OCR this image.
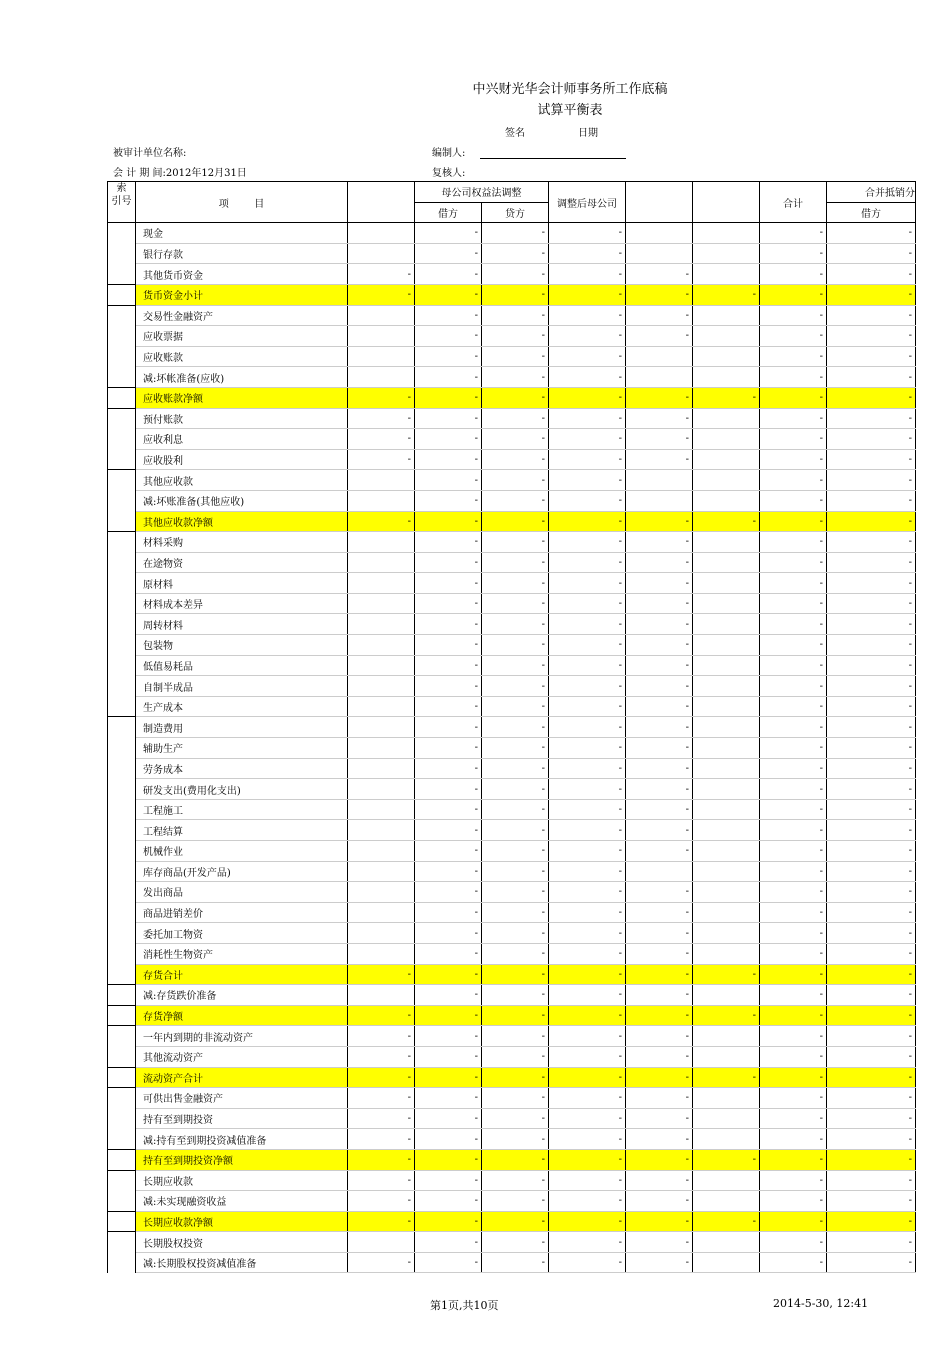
中兴财光华会计师事务所工作底稿
试算平衡表
签名	日期
被审计单位名称:	编制人:
会 计 期 间:2012年12月31日	复核人:
索
引号	项        目		母公司权益法调整		调整后母公司			合计	合并抵销分
			借方	贷方					借方
	现金		-	-	-			-	-
	银行存款		-	-	-			-	-
	其他货币资金	-	-	-	-	-		-	-
	货币资金小计	-	-	-	-	-	-	-	-
	交易性金融资产		-	-	-	-		-	-
	应收票据		-	-	-	-		-	-
	应收账款		-	-	-			-	-
	减:坏帐准备(应收)		-	-	-			-	-
	应收账款净额	-	-	-	-	-	-	-	-
	预付账款	-	-	-	-	-		-	-
	应收利息	-	-	-	-	-		-	-
	应收股利	-	-	-	-	-		-	-
	其他应收款		-	-	-			-	-
	减:坏账准备(其他应收)		-	-	-			-	-
	其他应收款净额	-	-	-	-	-	-	-	-
	材料采购		-	-	-	-		-	-
	在途物资		-	-	-	-		-	-
	原材料		-	-	-	-		-	-
	材料成本差异		-	-	-	-		-	-
	周转材料		-	-	-	-		-	-
	包装物		-	-	-	-		-	-
	低值易耗品		-	-	-	-		-	-
	自制半成品		-	-	-	-		-	-
	生产成本		-	-	-	-		-	-
	制造费用		-	-	-	-		-	-
	辅助生产		-	-	-	-		-	-
	劳务成本		-	-	-	-		-	-
	研发支出(费用化支出)		-	-	-	-		-	-
	工程施工		-	-	-	-		-	-
	工程结算		-	-	-	-		-	-
	机械作业		-	-	-	-		-	-
	库存商品(开发产品)		-	-	-			-	-
	发出商品		-	-	-	-		-	-
	商品进销差价		-	-	-	-		-	-
	委托加工物资		-	-	-	-		-	-
	消耗性生物资产		-	-	-	-		-	-
	存货合计	-	-	-	-	-	-	-	-
	减:存货跌价准备		-	-	-	-		-	-
	存货净额	-	-	-	-	-	-	-	-
	一年内到期的非流动资产	-	-	-	-	-		-	-
	其他流动资产	-	-	-	-	-		-	-
	流动资产合计	-	-	-	-	-	-	-	-
	可供出售金融资产	-	-	-	-	-		-	-
	持有至到期投资	-	-	-	-	-		-	-
	减:持有至到期投资减值准备	-	-	-	-	-		-	-
	持有至到期投资净额	-	-	-	-	-	-	-	-
	长期应收款	-	-	-	-	-		-	-
	减:未实现融资收益	-	-	-	-	-		-	-
	长期应收款净额	-	-	-	-	-	-	-	-
	长期股权投资		-	-	-	-		-	-
	减:长期股权投资减值准备	-	-	-	-	-		-	-
第1页,共10页	2014-5-30, 12:41
